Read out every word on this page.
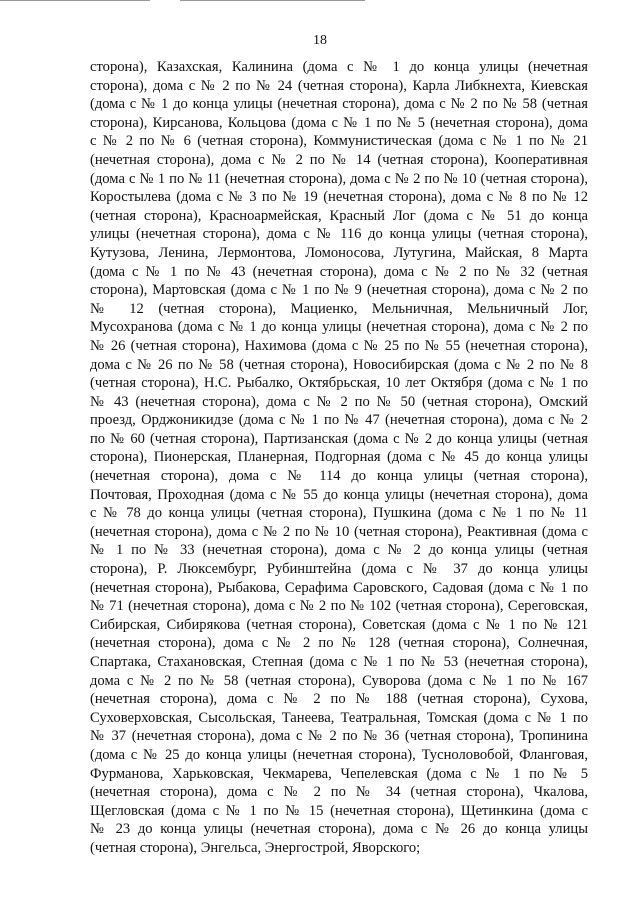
18
сторона), Казахская, Калинина (дома с № 1 до конца улицы (нечетная
сторона), дома с № 2 по № 24 (четная сторона), Карла Либкнехта, Киевская
(дома с № 1 до конца улицы (нечетная сторона), дома с № 2 по № 58 (четная
сторона), Кирсанова, Кольцова (дома с № 1 по № 5 (нечетная сторона), дома
с № 2 по № 6 (четная сторона), Коммунистическая (дома с № 1 по № 21
(нечетная сторона), дома с № 2 по № 14 (четная сторона), Кооперативная
(дома с № 1 по № 11 (нечетная сторона), дома с № 2 по № 10 (четная сторона),
Коростылева (дома с № 3 по № 19 (нечетная сторона), дома с № 8 по № 12
(четная сторона), Красноармейская, Красный Лог (дома с № 51 до конца
улицы (нечетная сторона), дома с № 116 до конца улицы (четная сторона),
Кутузова, Ленина, Лермонтова, Ломоносова, Лутугина, Майская, 8 Марта
(дома с № 1 по № 43 (нечетная сторона), дома с № 2 по № 32 (четная
сторона), Мартовская (дома с № 1 по № 9 (нечетная сторона), дома с № 2 по
№ 12 (четная сторона), Мациенко, Мельничная, Мельничный Лог,
Мусохранова (дома с № 1 до конца улицы (нечетная сторона), дома с № 2 по
№ 26 (четная сторона), Нахимова (дома с № 25 по № 55 (нечетная сторона),
дома с № 26 по № 58 (четная сторона), Новосибирская (дома с № 2 по № 8
(четная сторона), Н.С. Рыбалко, Октябрьская, 10 лет Октября (дома с № 1 по
№ 43 (нечетная сторона), дома с № 2 по № 50 (четная сторона), Омский
проезд, Орджоникидзе (дома с № 1 по № 47 (нечетная сторона), дома с № 2
по № 60 (четная сторона), Партизанская (дома с № 2 до конца улицы (четная
сторона), Пионерская, Планерная, Подгорная (дома с № 45 до конца улицы
(нечетная сторона), дома с № 114 до конца улицы (четная сторона),
Почтовая, Проходная (дома с № 55 до конца улицы (нечетная сторона), дома
с № 78 до конца улицы (четная сторона), Пушкина (дома с № 1 по № 11
(нечетная сторона), дома с № 2 по № 10 (четная сторона), Реактивная (дома с
№ 1 по № 33 (нечетная сторона), дома с № 2 до конца улицы (четная
сторона), Р. Люксембург, Рубинштейна (дома с № 37 до конца улицы
(нечетная сторона), Рыбакова, Серафима Саровского, Садовая (дома с № 1 по
№ 71 (нечетная сторона), дома с № 2 по № 102 (четная сторона), Сереговская,
Сибирская, Сибирякова (четная сторона), Советская (дома с № 1 по № 121
(нечетная сторона), дома с № 2 по № 128 (четная сторона), Солнечная,
Спартака, Стахановская, Степная (дома с № 1 по № 53 (нечетная сторона),
дома с № 2 по № 58 (четная сторона), Суворова (дома с № 1 по № 167
(нечетная сторона), дома с № 2 по № 188 (четная сторона), Сухова,
Суховерховская, Сысольская, Танеева, Театральная, Томская (дома с № 1 по
№ 37 (нечетная сторона), дома с № 2 по № 36 (четная сторона), Тропинина
(дома с № 25 до конца улицы (нечетная сторона), Тусноловобой, Фланговая,
Фурманова, Харьковская, Чекмарева, Чепелевская (дома с № 1 по № 5
(нечетная сторона), дома с № 2 по № 34 (четная сторона), Чкалова,
Щегловская (дома с № 1 по № 15 (нечетная сторона), Щетинкина (дома с
№ 23 до конца улицы (нечетная сторона), дома с № 26 до конца улицы
(четная сторона), Энгельса, Энергострой, Яворского;
